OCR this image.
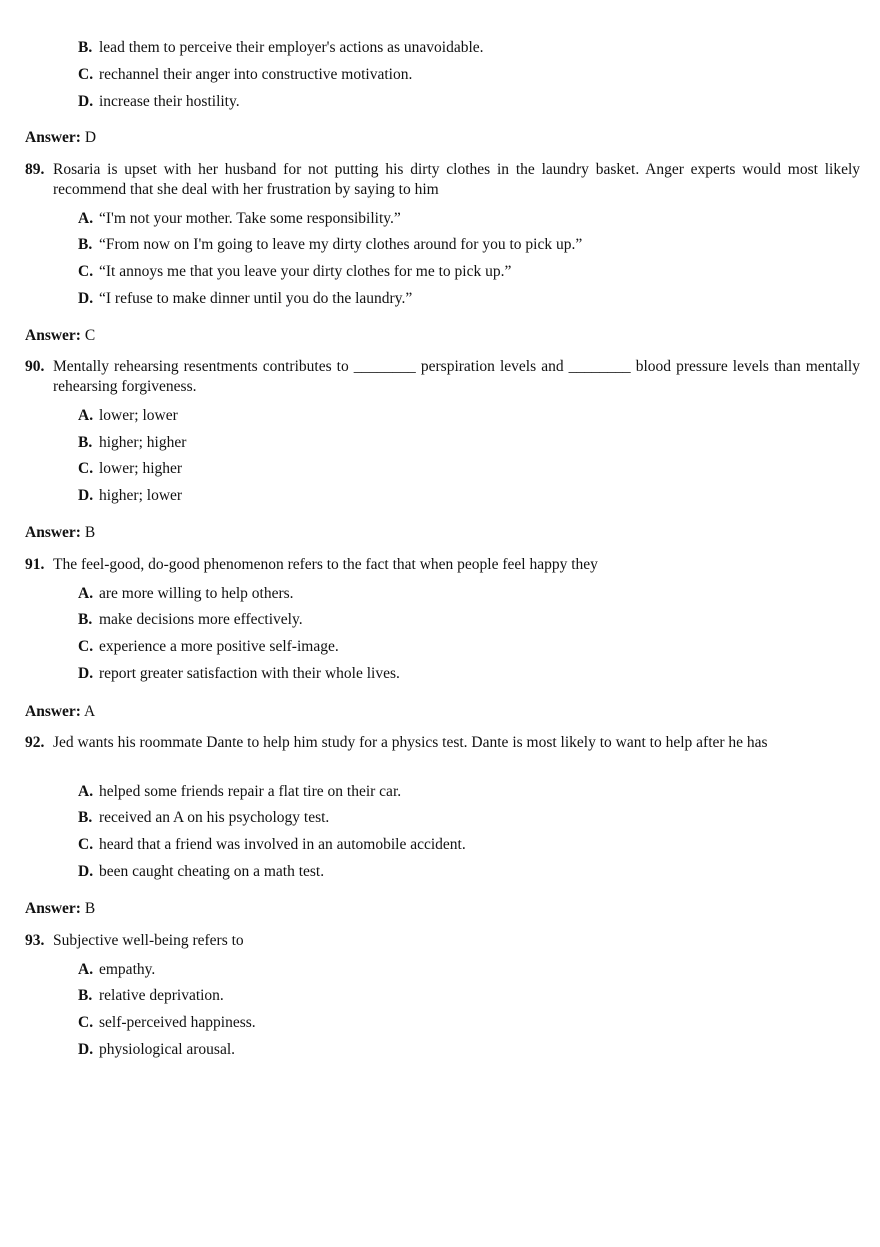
B. lead them to perceive their employer's actions as unavoidable.
C. rechannel their anger into constructive motivation.
D. increase their hostility.
Answer: D
89. Rosaria is upset with her husband for not putting his dirty clothes in the laundry basket. Anger experts would most likely recommend that she deal with her frustration by saying to him
A. “I'm not your mother. Take some responsibility.”
B. “From now on I'm going to leave my dirty clothes around for you to pick up.”
C. “It annoys me that you leave your dirty clothes for me to pick up.”
D. “I refuse to make dinner until you do the laundry.”
Answer: C
90. Mentally rehearsing resentments contributes to ________ perspiration levels and ________ blood pressure levels than mentally rehearsing forgiveness.
A. lower; lower
B. higher; higher
C. lower; higher
D. higher; lower
Answer: B
91. The feel-good, do-good phenomenon refers to the fact that when people feel happy they
A. are more willing to help others.
B. make decisions more effectively.
C. experience a more positive self-image.
D. report greater satisfaction with their whole lives.
Answer: A
92. Jed wants his roommate Dante to help him study for a physics test. Dante is most likely to want to help after he has
A. helped some friends repair a flat tire on their car.
B. received an A on his psychology test.
C. heard that a friend was involved in an automobile accident.
D. been caught cheating on a math test.
Answer: B
93. Subjective well-being refers to
A. empathy.
B. relative deprivation.
C. self-perceived happiness.
D. physiological arousal.
